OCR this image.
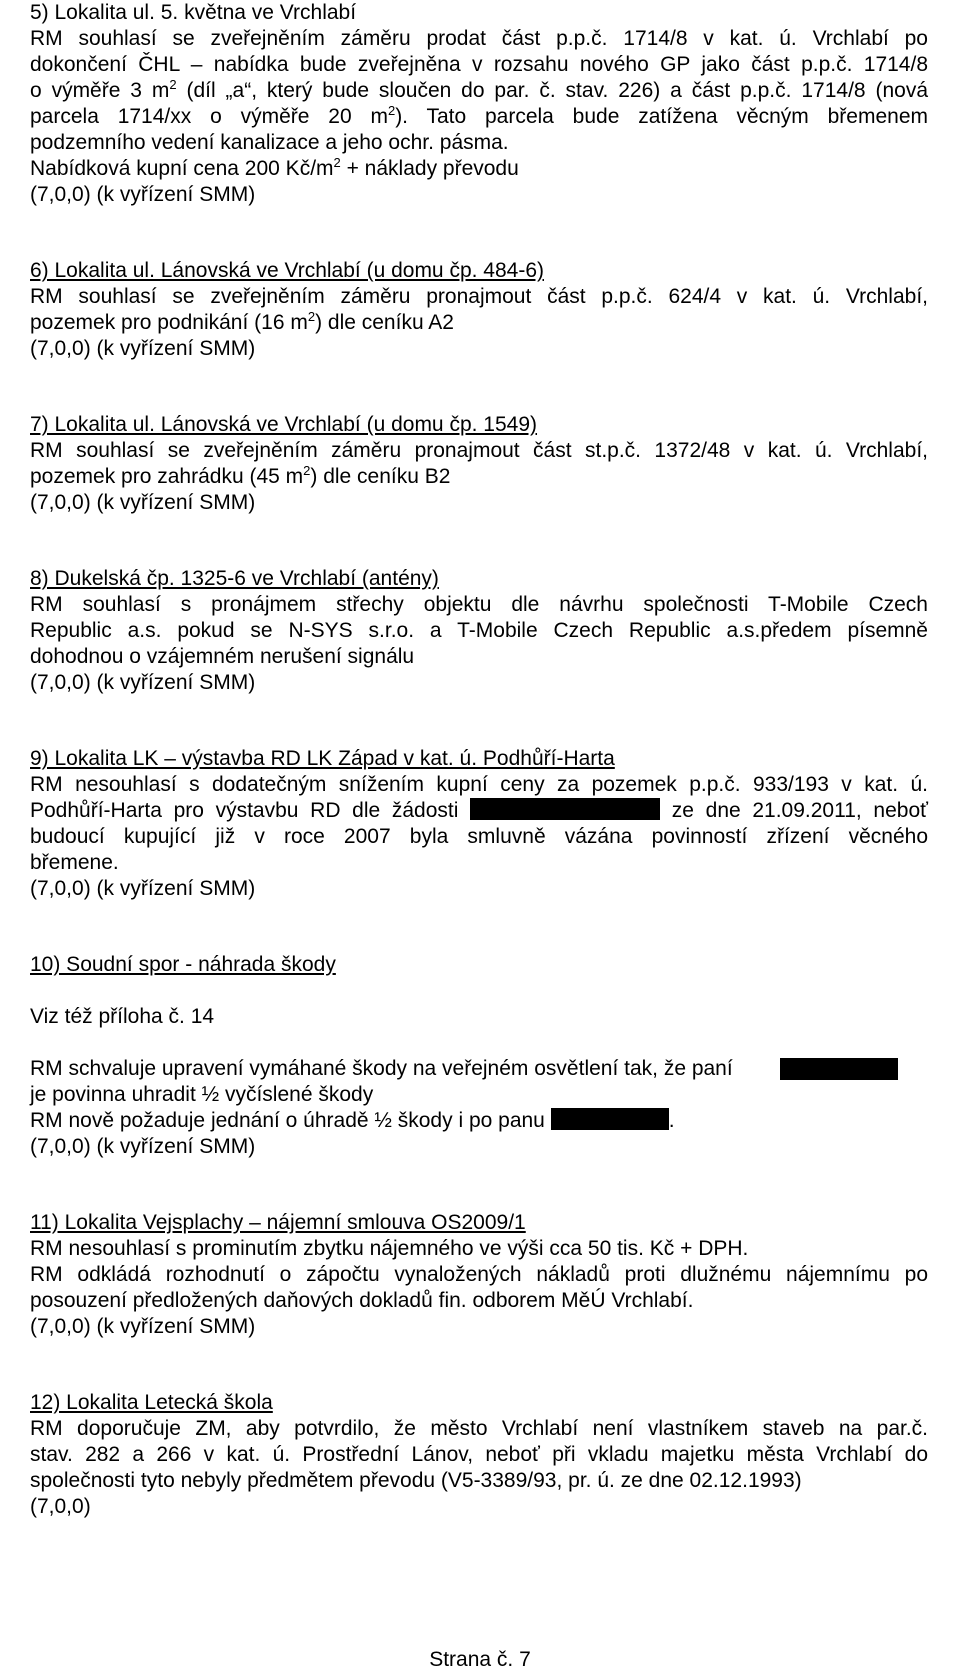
5) Lokalita ul. 5. května ve Vrchlabí
RM souhlasí se zveřejněním záměru prodat část p.p.č. 1714/8 v kat. ú. Vrchlabí po
dokončení ČHL – nabídka bude zveřejněna v rozsahu nového GP jako část p.p.č. 1714/8
o výměře 3 $m^2$ (díl „a“, který bude sloučen do par. č. stav. 226) a část p.p.č. 1714/8 (nová
parcela 1714/xx o výměře 20 $m^2$). Tato parcela bude zatížena věcným břemenem
podzemního vedení kanalizace a jeho ochr. pásma.
Nabídková kupní cena 200 $Kč/m^2$ + náklady převodu
(7,0,0) (k vyřízení SMM)
6) Lokalita ul. Lánovská ve Vrchlabí (u domu čp. 484-6)
RM souhlasí se zveřejněním záměru pronajmout část p.p.č. 624/4 v kat. ú. Vrchlabí,
pozemek pro podnikání (16 $m^2$) dle ceníku A2
(7,0,0) (k vyřízení SMM)
7) Lokalita ul. Lánovská ve Vrchlabí (u domu čp. 1549)
RM souhlasí se zveřejněním záměru pronajmout část st.p.č. 1372/48 v kat. ú. Vrchlabí,
pozemek pro zahrádku (45 $m^2$) dle ceníku B2
(7,0,0) (k vyřízení SMM)
8) Dukelská čp. 1325-6 ve Vrchlabí (antény)
RM souhlasí s pronájmem střechy objektu dle návrhu společnosti T-Mobile Czech
Republic a.s. pokud se N-SYS s.r.o. a T-Mobile Czech Republic a.s.předem písemně
dohodnou o vzájemném nerušení signálu
(7,0,0) (k vyřízení SMM)
9) Lokalita LK – výstavba RD LK Západ v kat. ú. Podhůří-Harta
RM nesouhlasí s dodatečným snížením kupní ceny za pozemek p.p.č. 933/193 v kat. ú.
Podhůří-Harta pro výstavbu RD dle žádosti	ze dne 21.09.2011, neboť
budoucí kupující již v roce 2007 byla smluvně vázána povinností zřízení věcného
břemene.
(7,0,0) (k vyřízení SMM)
10) Soudní spor - náhrada škody
Viz též příloha č. 14
RM schvaluje upravení vymáhané škody na veřejném osvětlení tak, že paní
je povinna uhradit ½ vyčíslené škody
RM nově požaduje jednání o úhradě ½ škody i po panu	.
(7,0,0) (k vyřízení SMM)
11) Lokalita Vejsplachy – nájemní smlouva OS2009/1
RM nesouhlasí s prominutím zbytku nájemného ve výši cca 50 tis. Kč + DPH.
RM odkládá rozhodnutí o zápočtu vynaložených nákladů proti dlužnému nájemnímu po
posouzení předložených daňových dokladů fin. odborem MěÚ Vrchlabí.
(7,0,0) (k vyřízení SMM)
12) Lokalita Letecká škola
RM doporučuje ZM, aby potvrdilo, že město Vrchlabí není vlastníkem staveb na par.č.
stav. 282 a 266 v kat. ú. Prostřední Lánov, neboť při vkladu majetku města Vrchlabí do
společnosti tyto nebyly předmětem převodu (V5-3389/93, pr. ú. ze dne 02.12.1993)
(7,0,0)
Strana č. 7
